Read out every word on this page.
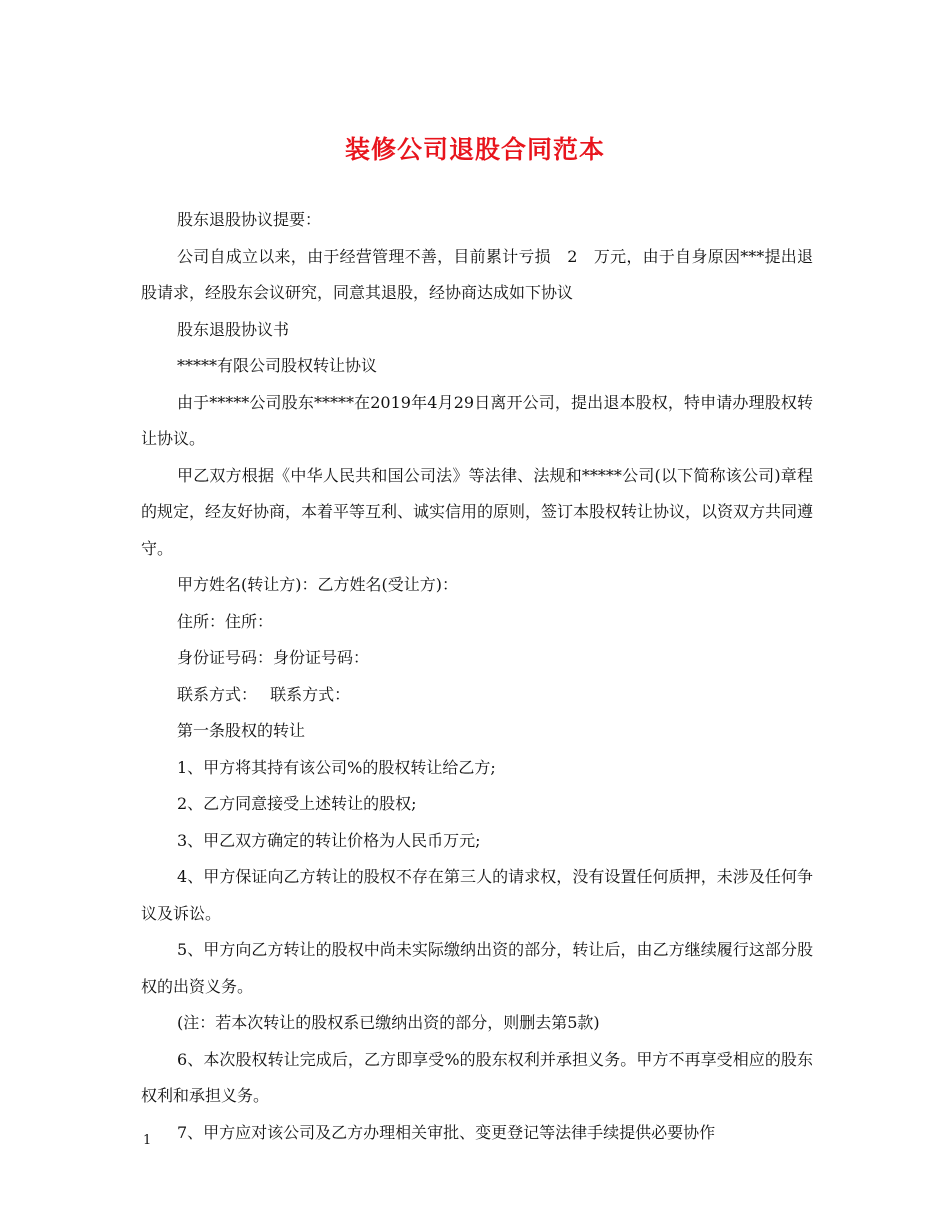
装修公司退股合同范本

股东退股协议提要：

公司自成立以来，由于经营管理不善，目前累计亏损　2　万元，由于自身原因***提出退股请求，经股东会议研究，同意其退股，经协商达成如下协议

股东退股协议书

*****有限公司股权转让协议

由于*****公司股东*****在2019年4月29日离开公司，提出退本股权，特申请办理股权转让协议。

甲乙双方根据《中华人民共和国公司法》等法律、法规和*****公司(以下简称该公司)章程的规定，经友好协商，本着平等互利、诚实信用的原则，签订本股权转让协议，以资双方共同遵守。

甲方姓名(转让方)：乙方姓名(受让方)：

住所：住所：

身份证号码：身份证号码：

联系方式：　 联系方式：

第一条股权的转让

1、甲方将其持有该公司%的股权转让给乙方;

2、乙方同意接受上述转让的股权;

3、甲乙双方确定的转让价格为人民币万元;

4、甲方保证向乙方转让的股权不存在第三人的请求权，没有设置任何质押，未涉及任何争议及诉讼。

5、甲方向乙方转让的股权中尚未实际缴纳出资的部分，转让后，由乙方继续履行这部分股权的出资义务。

(注：若本次转让的股权系已缴纳出资的部分，则删去第5款)

6、本次股权转让完成后，乙方即享受%的股东权利并承担义务。甲方不再享受相应的股东权利和承担义务。

7、甲方应对该公司及乙方办理相关审批、变更登记等法律手续提供必要协作

1
